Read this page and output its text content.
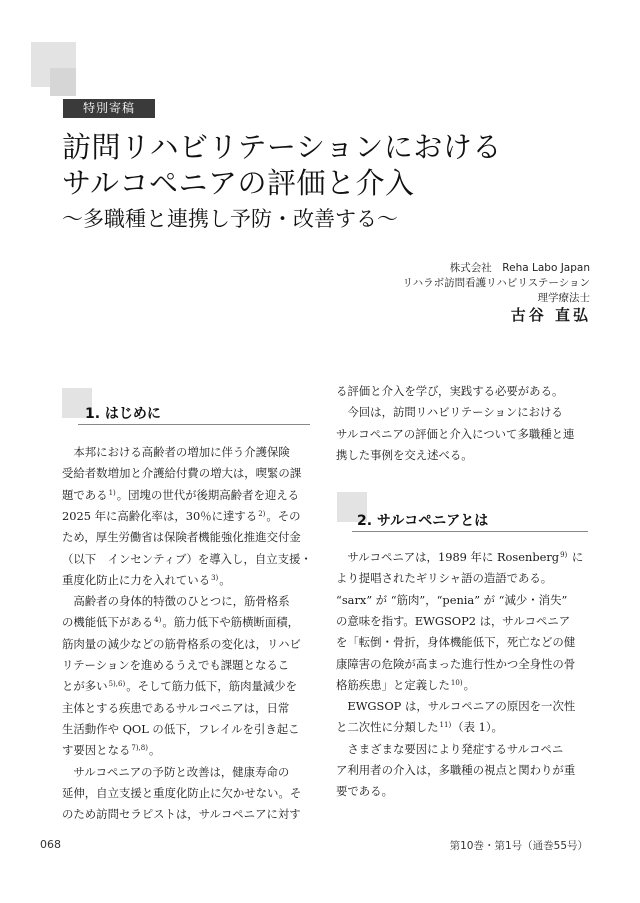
特別寄稿
訪問リハビリテーションにおける
サルコペニアの評価と介入
〜多職種と連携し予防・改善する〜
株式会社　Reha Labo Japan
リハラボ訪問看護リハビリステーション
理学療法士
古谷 直弘
1. はじめに
2. サルコペニアとは
　本邦における高齢者の増加に伴う介護保険
受給者数増加と介護給付費の増大は，喫緊の課
題である$^{1)}$。団塊の世代が後期高齢者を迎える
2025 年に高齢化率は，30％に達する$^{2)}$。その
ため，厚生労働省は保険者機能強化推進交付金
（以下　インセンティブ）を導入し，自立支援・
重度化防止に力を入れている$^{3)}$。
　高齢者の身体的特徴のひとつに，筋骨格系
の機能低下がある$^{4)}$。筋力低下や筋横断面積，
筋肉量の減少などの筋骨格系の変化は，リハビ
リテーションを進めるうえでも課題となるこ
とが多い$^{5),6)}$。そして筋力低下，筋肉量減少を
主体とする疾患であるサルコペニアは，日常
生活動作や QOL の低下，フレイルを引き起こ
す要因となる$^{7),8)}$。
　サルコペニアの予防と改善は，健康寿命の
延伸，自立支援と重度化防止に欠かせない。そ
のため訪問セラピストは，サルコペニアに対す
る評価と介入を学び，実践する必要がある。
　今回は，訪問リハビリテーションにおける
サルコペニアの評価と介入について多職種と連
携した事例を交え述べる。
　サルコペニアは，1989 年に Rosenberg$^{9)}$ に
より提唱されたギリシャ語の造語である。
“sarx” が “筋肉”，“penia” が “減少・消失”
の意味を指す。EWGSOP2 は，サルコペニア
を「転倒・骨折，身体機能低下，死亡などの健
康障害の危険が高まった進行性かつ全身性の骨
格筋疾患」と定義した$^{10)}$。
　EWGSOP は，サルコペニアの原因を一次性
と二次性に分類した$^{11)}$（表 1）。
　さまざまな要因により発症するサルコペニ
ア利用者の介入は，多職種の視点と関わりが重
要である。
068	第10巻・第1号（通巻55号）
